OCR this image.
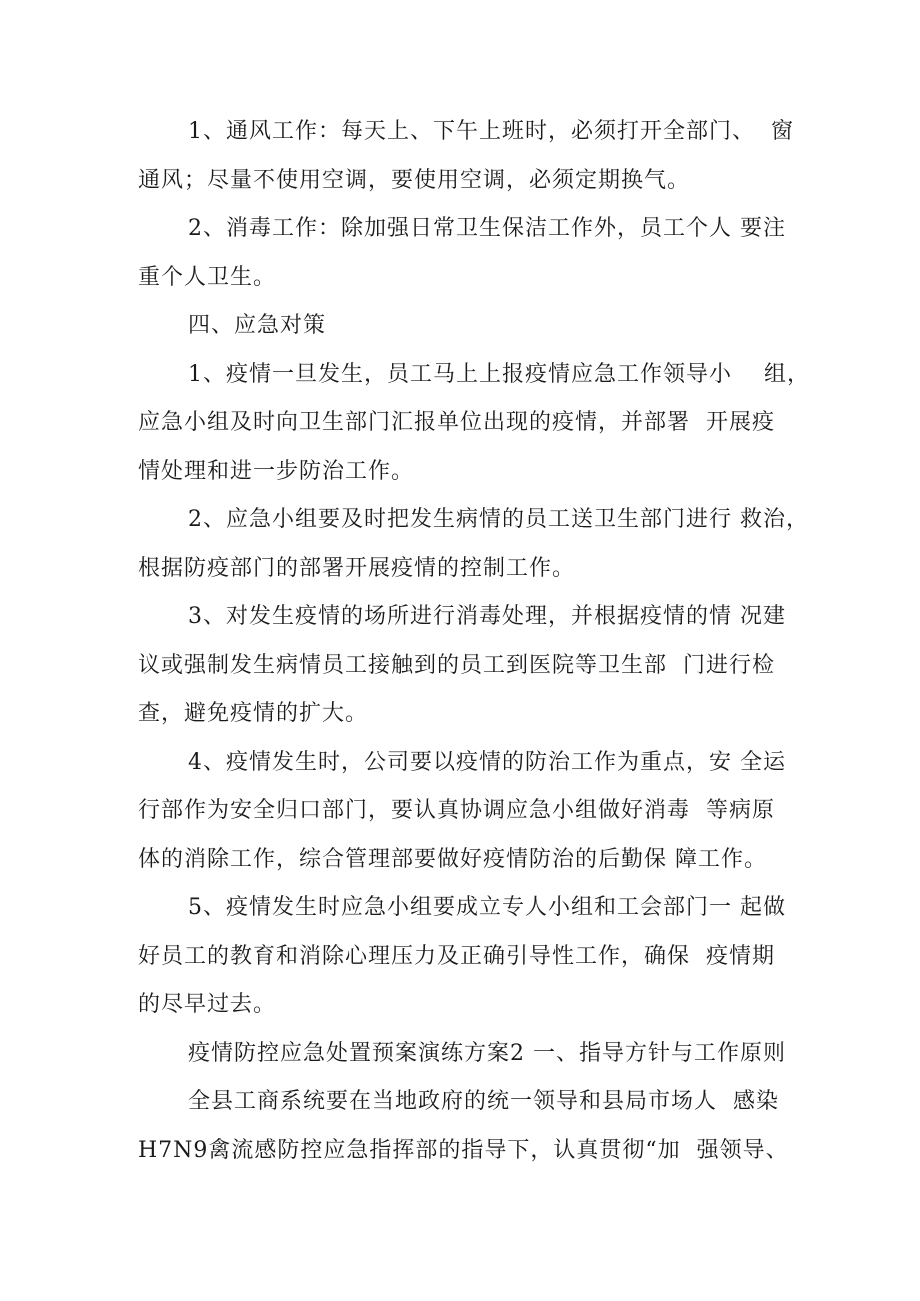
1、通风工作：每天上、下午上班时，必须打开全部门、  窗
通风；尽量不使用空调，要使用空调，必须定期换气。
2、消毒工作：除加强日常卫生保洁工作外，员工个人 要注
重个人卫生。
四、应急对策
1、疫情一旦发生，员工马上上报疫情应急工作领导小    组，
应急小组及时向卫生部门汇报单位出现的疫情，并部署  开展疫
情处理和进一步防治工作。
2、应急小组要及时把发生病情的员工送卫生部门进行 救治，
根据防疫部门的部署开展疫情的控制工作。
3、对发生疫情的场所进行消毒处理，并根据疫情的情 况建
议或强制发生病情员工接触到的员工到医院等卫生部  门进行检
查，避免疫情的扩大。
4、疫情发生时，公司要以疫情的防治工作为重点，安 全运
行部作为安全归口部门，要认真协调应急小组做好消毒  等病原
体的消除工作，综合管理部要做好疫情防治的后勤保 障工作。
5、疫情发生时应急小组要成立专人小组和工会部门一 起做
好员工的教育和消除心理压力及正确引导性工作，确保  疫情期
的尽早过去。
疫情防控应急处置预案演练方案2 一、指导方针与工作原则
全县工商系统要在当地政府的统一领导和县局市场人  感染
H7N9禽流感防控应急指挥部的指导下，认真贯彻“加  强领导、
